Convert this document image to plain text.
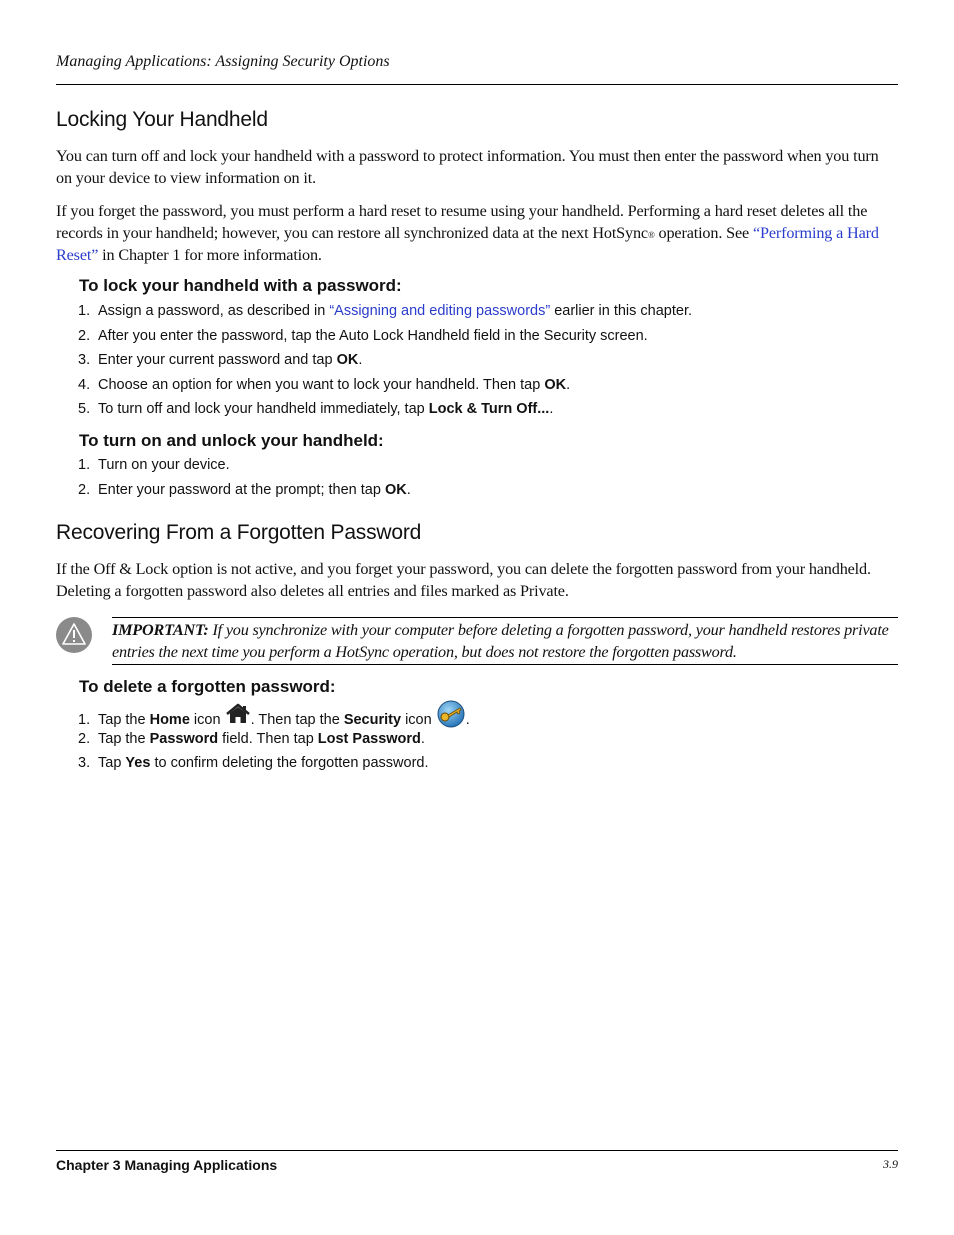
Managing Applications: Assigning Security Options
Locking Your Handheld

You can turn off and lock your handheld with a password to protect information. You must then enter the password when you turn on your device to view information on it.

If you forget the password, you must perform a hard reset to resume using your handheld. Performing a hard reset deletes all the records in your handheld; however, you can restore all synchronized data at the next HotSync® operation. See “Performing a Hard Reset” in Chapter 1 for more information.

To lock your handheld with a password:
1. Assign a password, as described in “Assigning and editing passwords” earlier in this chapter.
2. After you enter the password, tap the Auto Lock Handheld field in the Security screen.
3. Enter your current password and tap OK.
4. Choose an option for when you want to lock your handheld. Then tap OK.
5. To turn off and lock your handheld immediately, tap Lock & Turn Off....
To turn on and unlock your handheld:
1. Turn on your device.
2. Enter your password at the prompt; then tap OK.
Recovering From a Forgotten Password

If the Off & Lock option is not active, and you forget your password, you can delete the forgotten password from your handheld. Deleting a forgotten password also deletes all entries and files marked as Private.

IMPORTANT: If you synchronize with your computer before deleting a forgotten password, your handheld restores private entries the next time you perform a HotSync operation, but does not restore the forgotten password.
To delete a forgotten password:
1. Tap the Home icon . Then tap the Security icon .
2. Tap the Password field. Then tap Lost Password.
3. Tap Yes to confirm deleting the forgotten password.
Chapter 3 Managing Applications	3.9
